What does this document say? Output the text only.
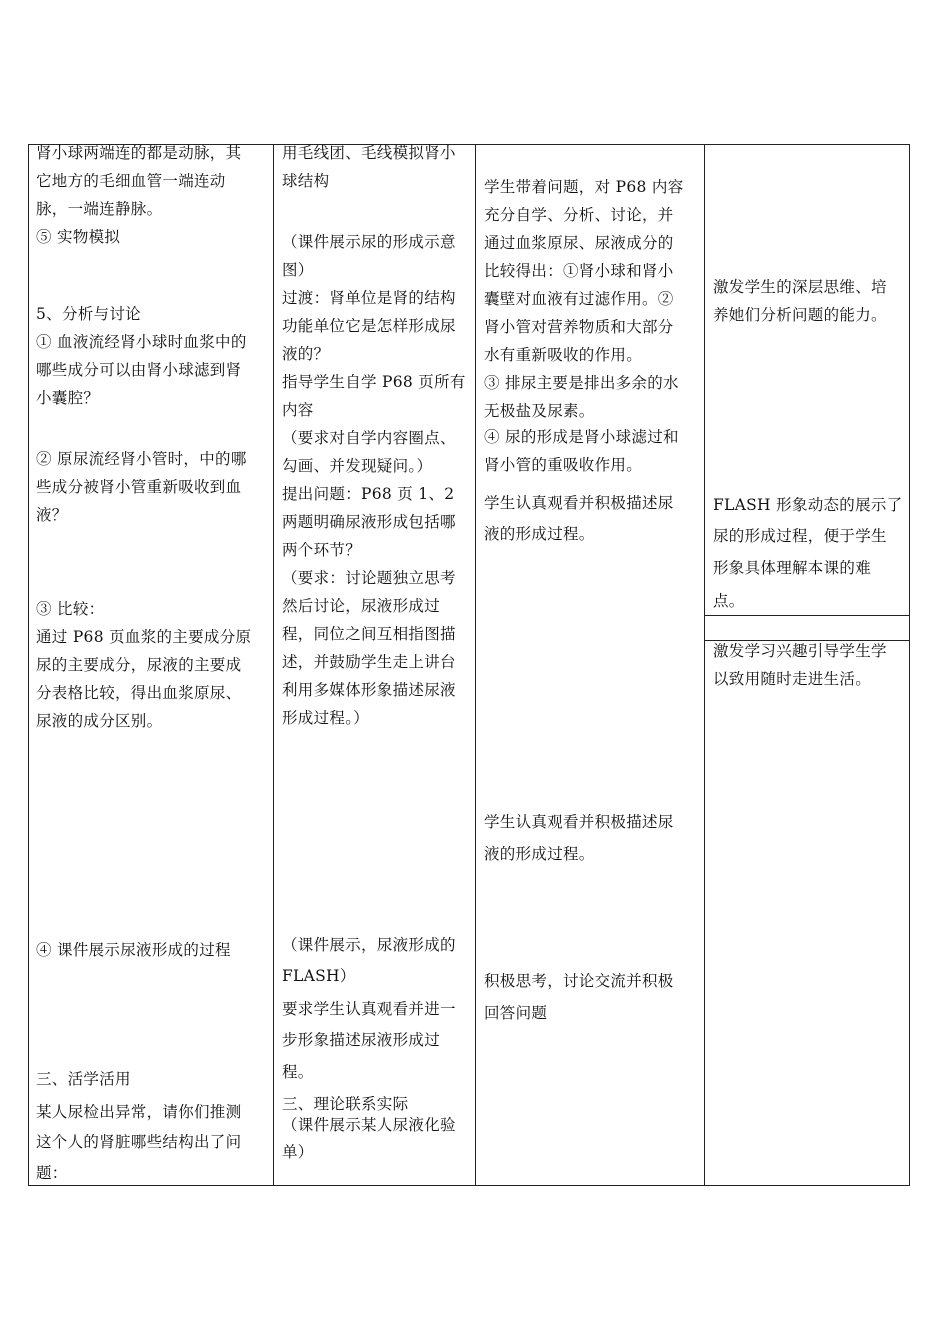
肾小球两端连的都是动脉，其

它地方的毛细血管一端连动

脉，一端连静脉。

⑤ 实物模拟

5、分析与讨论

① 血液流经肾小球时血浆中的

哪些成分可以由肾小球滤到肾

小囊腔？

② 原尿流经肾小管时，中的哪

些成分被肾小管重新吸收到血

液？

③ 比较：

通过 P68 页血浆的主要成分原

尿的主要成分，尿液的主要成

分表格比较，得出血浆原尿、

尿液的成分区别。

④ 课件展示尿液形成的过程

三、活学活用

某人尿检出异常，请你们推测

这个人的肾脏哪些结构出了问

题：

用毛线团、毛线模拟肾小

球结构

（课件展示尿的形成示意

图）

过渡：肾单位是肾的结构

功能单位它是怎样形成尿

液的？

指导学生自学 P68 页所有

内容

（要求对自学内容圈点、

勾画、并发现疑问。）

提出问题：P68 页 1、2

两题明确尿液形成包括哪

两个环节？

（要求：讨论题独立思考

然后讨论，尿液形成过

程，同位之间互相指图描

述，并鼓励学生走上讲台

利用多媒体形象描述尿液

形成过程。）

（课件展示，尿液形成的

FLASH）

要求学生认真观看并进一

步形象描述尿液形成过

程。

三、理论联系实际

（课件展示某人尿液化验

单）

学生带着问题，对 P68 内容

充分自学、分析、讨论，并

通过血浆原尿、尿液成分的

比较得出：①肾小球和肾小

囊壁对血液有过滤作用。②

肾小管对营养物质和大部分

水有重新吸收的作用。

③ 排尿主要是排出多余的水

无极盐及尿素。

④ 尿的形成是肾小球滤过和

肾小管的重吸收作用。

学生认真观看并积极描述尿

液的形成过程。

学生认真观看并积极描述尿

液的形成过程。

积极思考，讨论交流并积极

回答问题

激发学生的深层思维、培

养她们分析问题的能力。

FLASH 形象动态的展示了

尿的形成过程，便于学生

形象具体理解本课的难

点。

激发学习兴趣引导学生学

以致用随时走进生活。
